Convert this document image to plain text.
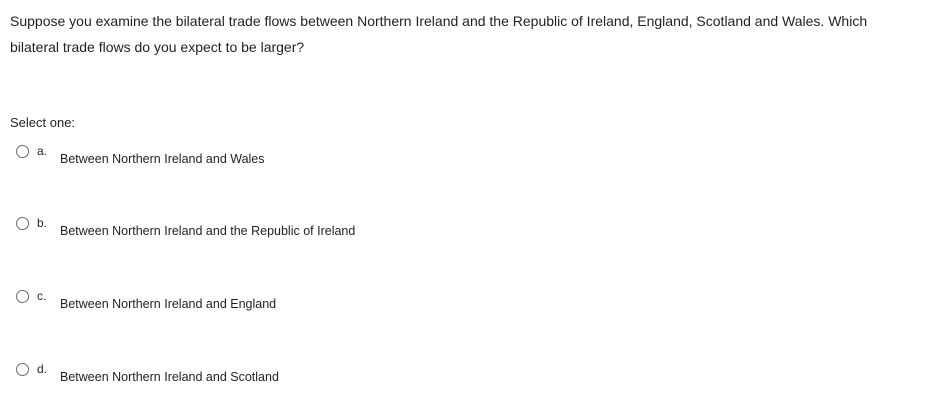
Suppose you examine the bilateral trade flows between Northern Ireland and the Republic of Ireland, England, Scotland and Wales. Which bilateral trade flows do you expect to be larger?

Select one:

a.
Between Northern Ireland and Wales
b.
Between Northern Ireland and the Republic of Ireland
c.
Between Northern Ireland and England
d.
Between Northern Ireland and Scotland
